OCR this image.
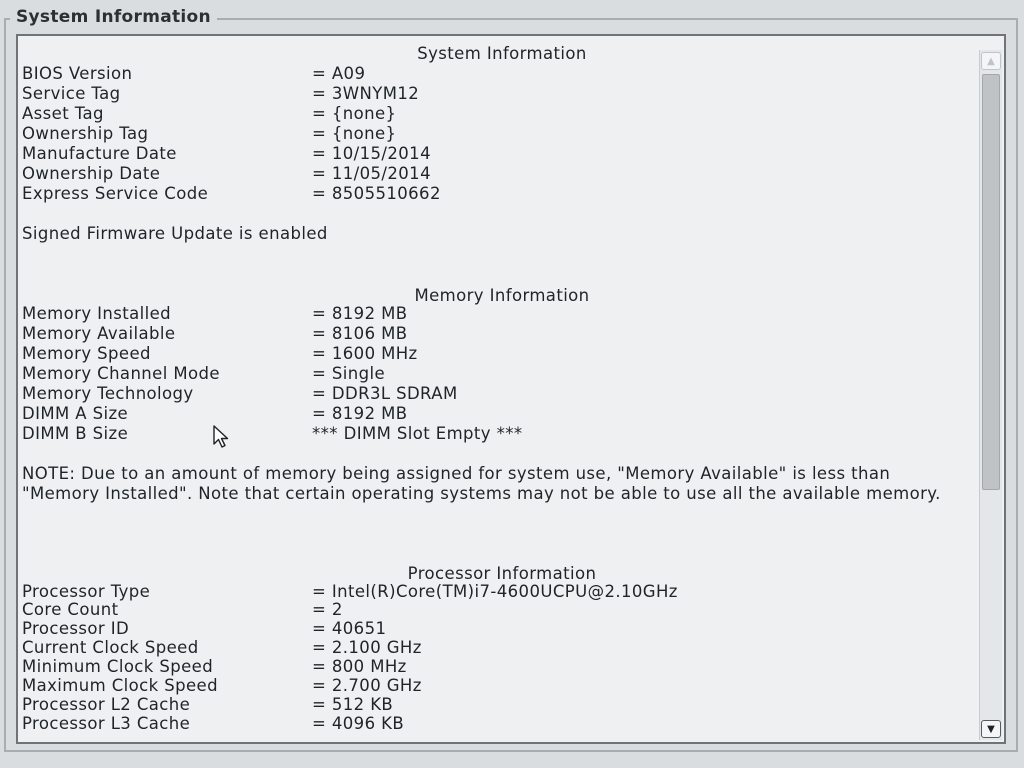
System Information
System Information
BIOS Version	= A09
Service Tag	= 3WNYM12
Asset Tag	= {none}
Ownership Tag	= {none}
Manufacture Date	= 10/15/2014
Ownership Date	= 11/05/2014
Express Service Code	= 8505510662
Signed Firmware Update is enabled
Memory Information
Memory Installed	= 8192 MB
Memory Available	= 8106 MB
Memory Speed	= 1600 MHz
Memory Channel Mode	= Single
Memory Technology	= DDR3L SDRAM
DIMM A Size	= 8192 MB
DIMM B Size	*** DIMM Slot Empty ***
NOTE: Due to an amount of memory being assigned for system use, "Memory Available" is less than "Memory Installed". Note that certain operating systems may not be able to use all the available memory.
Processor Information
Processor Type	= Intel(R)Core(TM)i7-4600UCPU@2.10GHz
Core Count	= 2
Processor ID	= 40651
Current Clock Speed	= 2.100 GHz
Minimum Clock Speed	= 800 MHz
Maximum Clock Speed	= 2.700 GHz
Processor L2 Cache	= 512 KB
Processor L3 Cache	= 4096 KB
▲
▼
